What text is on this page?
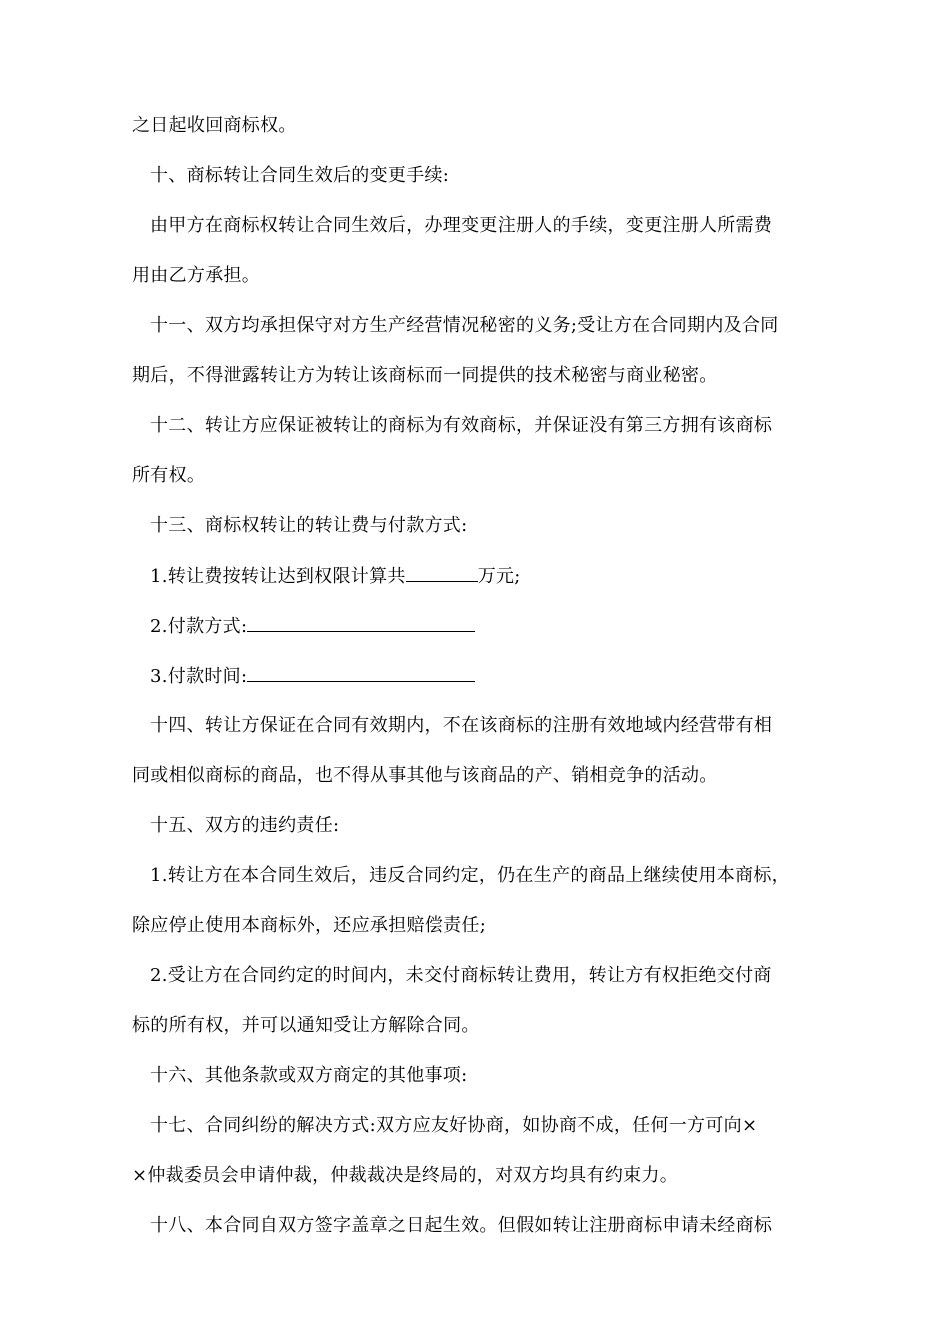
之日起收回商标权。
十、商标转让合同生效后的变更手续:
由甲方在商标权转让合同生效后，办理变更注册人的手续，变更注册人所需费
用由乙方承担。
十一、双方均承担保守对方生产经营情况秘密的义务;受让方在合同期内及合同
期后，不得泄露转让方为转让该商标而一同提供的技术秘密与商业秘密。
十二、转让方应保证被转让的商标为有效商标，并保证没有第三方拥有该商标
所有权。
十三、商标权转让的转让费与付款方式:
1.转让费按转让达到权限计算共	万元;
2.付款方式:
3.付款时间:
十四、转让方保证在合同有效期内，不在该商标的注册有效地域内经营带有相
同或相似商标的商品，也不得从事其他与该商品的产、销相竞争的活动。
十五、双方的违约责任:
1.转让方在本合同生效后，违反合同约定，仍在生产的商品上继续使用本商标，
除应停止使用本商标外，还应承担赔偿责任;
2.受让方在合同约定的时间内，未交付商标转让费用，转让方有权拒绝交付商
标的所有权，并可以通知受让方解除合同。
十六、其他条款或双方商定的其他事项:
十七、合同纠纷的解决方式:双方应友好协商，如协商不成，任何一方可向×
×仲裁委员会申请仲裁，仲裁裁决是终局的，对双方均具有约束力。
十八、本合同自双方签字盖章之日起生效。但假如转让注册商标申请未经商标
